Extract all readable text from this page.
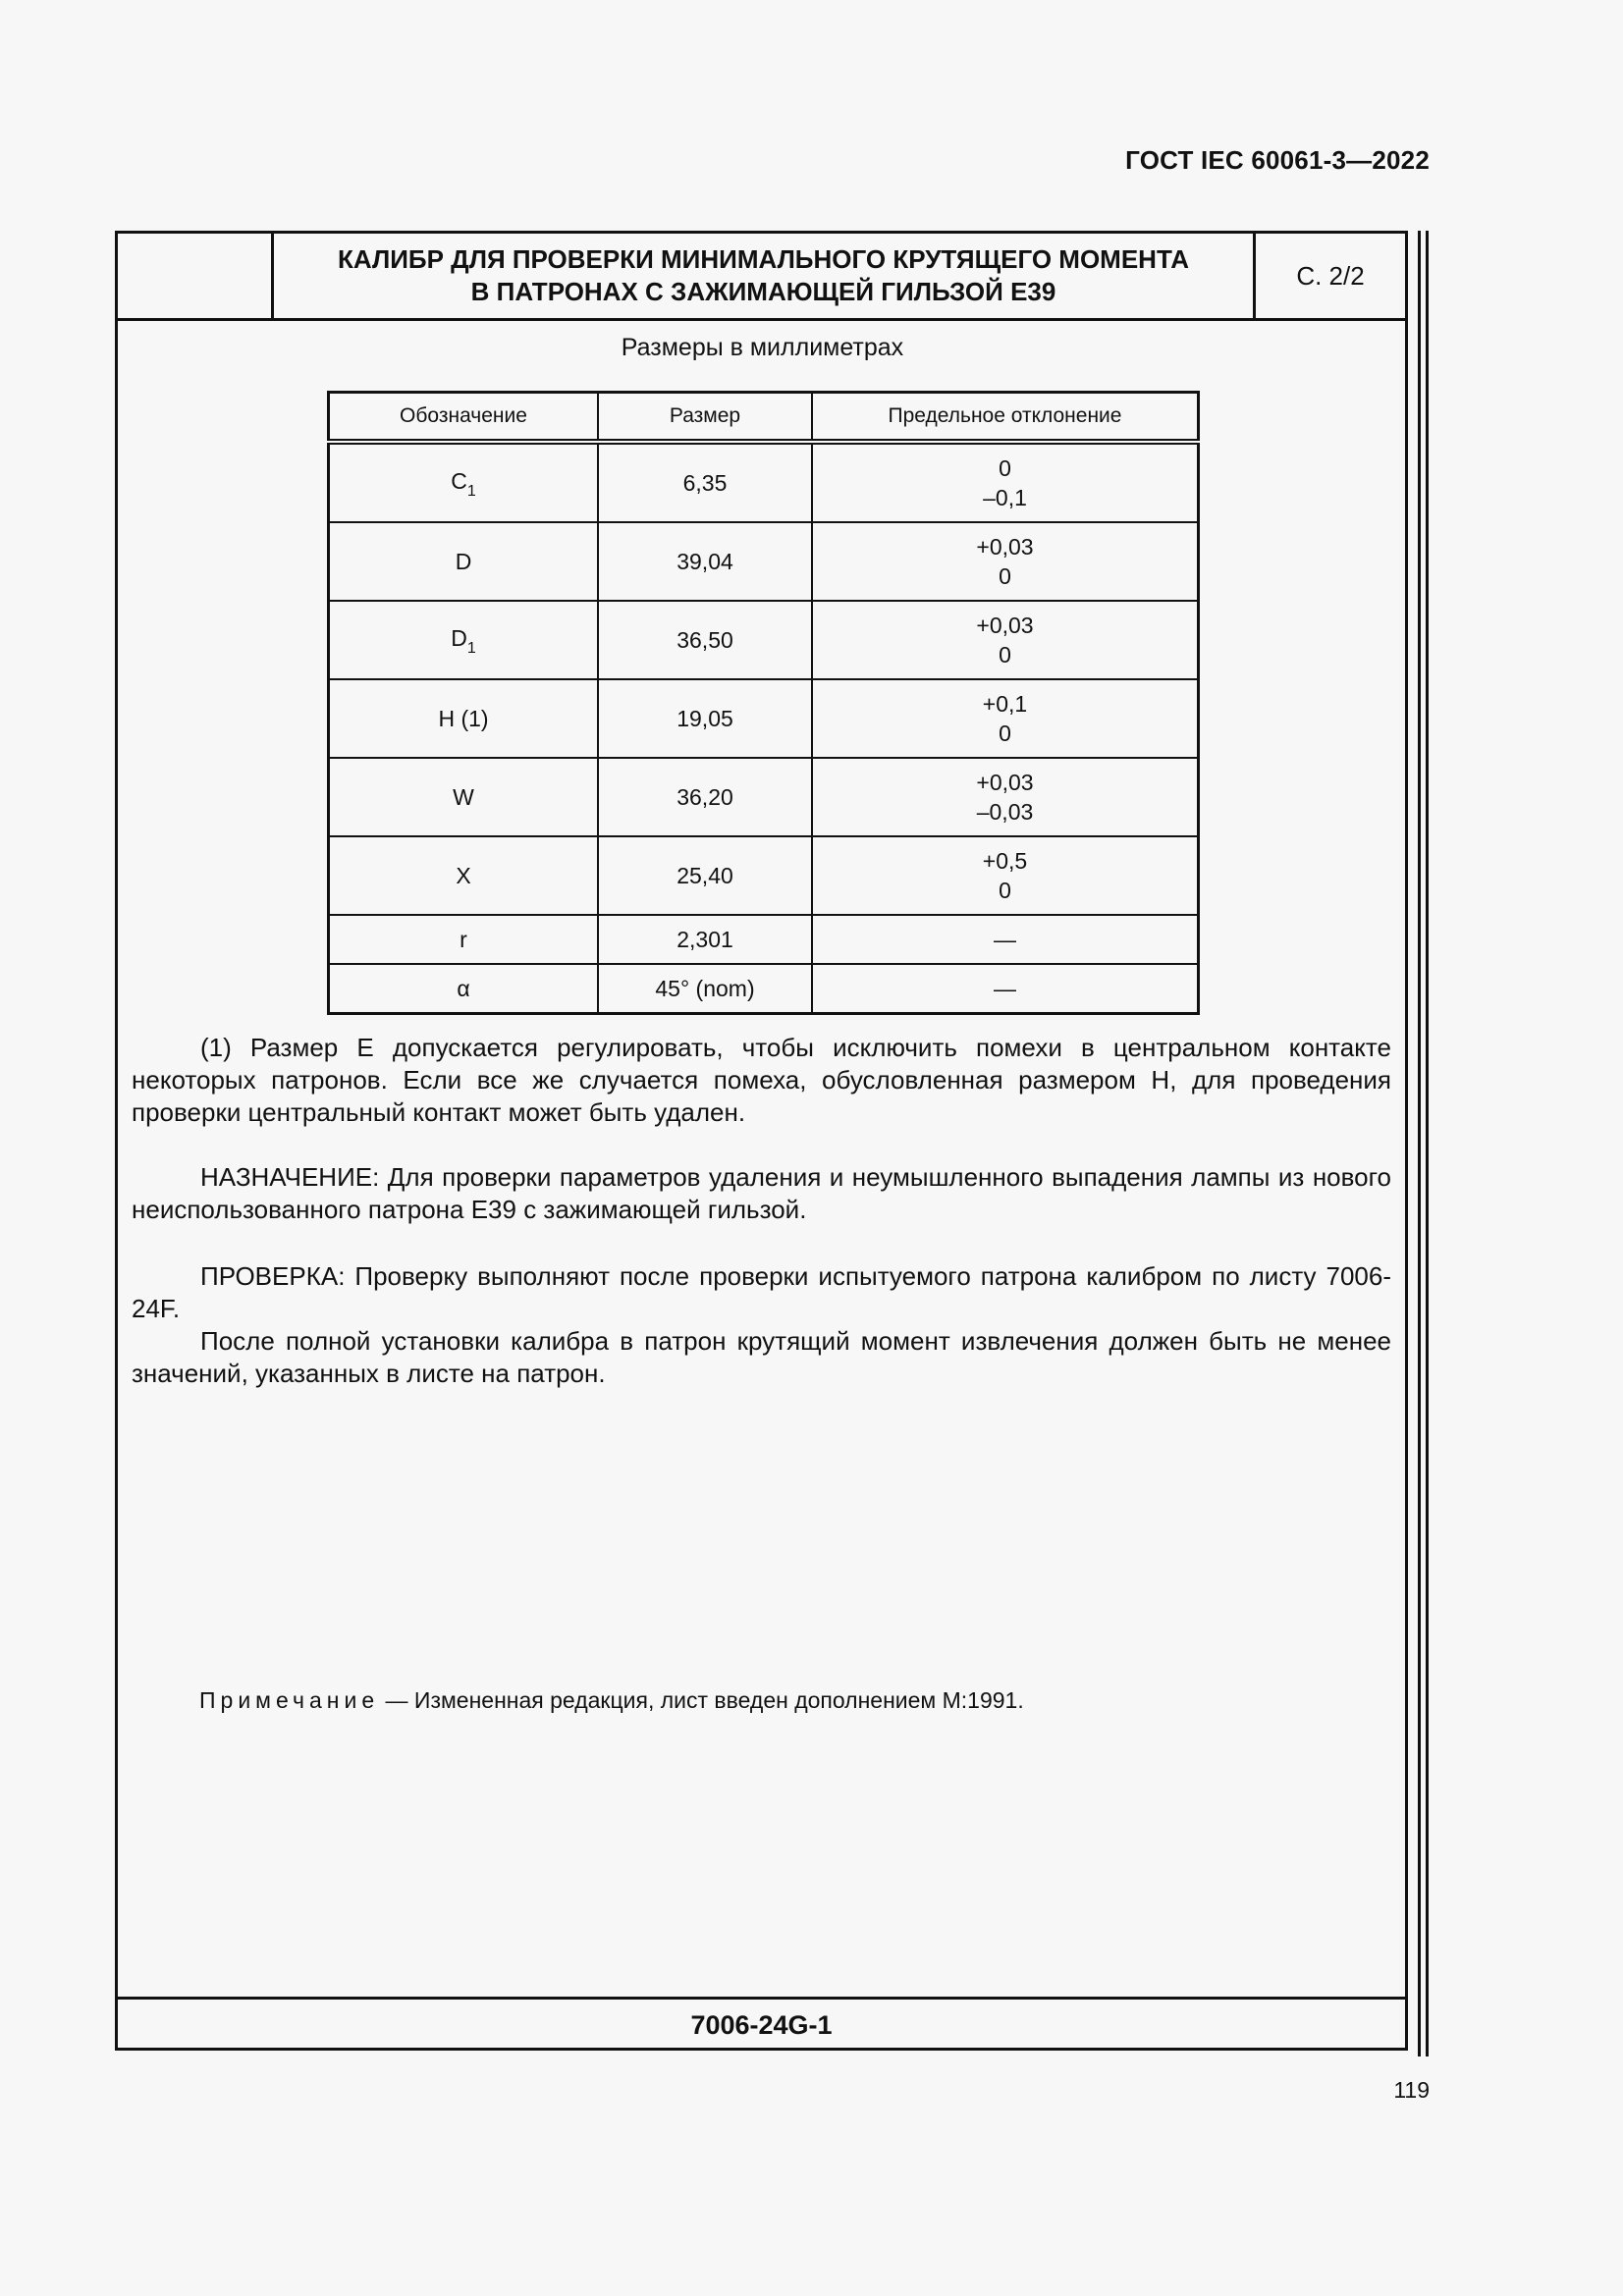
ГОСТ IEC 60061-3—2022
КАЛИБР ДЛЯ ПРОВЕРКИ МИНИМАЛЬНОГО КРУТЯЩЕГО МОМЕНТА
В ПАТРОНАХ С ЗАЖИМАЮЩЕЙ ГИЛЬЗОЙ E39
С. 2/2
Размеры в миллиметрах
Обозначение	Размер	Предельное отклонение
$C_1$	6,35	0
–0,1

D	39,04	+0,03
0

$D_1$	36,50	+0,03
0

H (1)	19,05	+0,1
0

W	36,20	+0,03
–0,03

X	25,40	+0,5
0

r	2,301	—
α	45° (nom)	—
(1) Размер E допускается регулировать, чтобы исключить помехи в центральном контакте некоторых патронов. Если все же случается помеха, обусловленная размером H, для проведения проверки центральный контакт может быть удален.
НАЗНАЧЕНИЕ: Для проверки параметров удаления и неумышленного выпадения лампы из нового неиспользованного патрона E39 с зажимающей гильзой.
ПРОВЕРКА: Проверку выполняют после проверки испытуемого патрона калибром по листу 7006-24F.
После полной установки калибра в патрон крутящий момент извлечения должен быть не менее значений, указанных в листе на патрон.
Примечание — Измененная редакция, лист введен дополнением М:1991.
7006-24G-1
119
